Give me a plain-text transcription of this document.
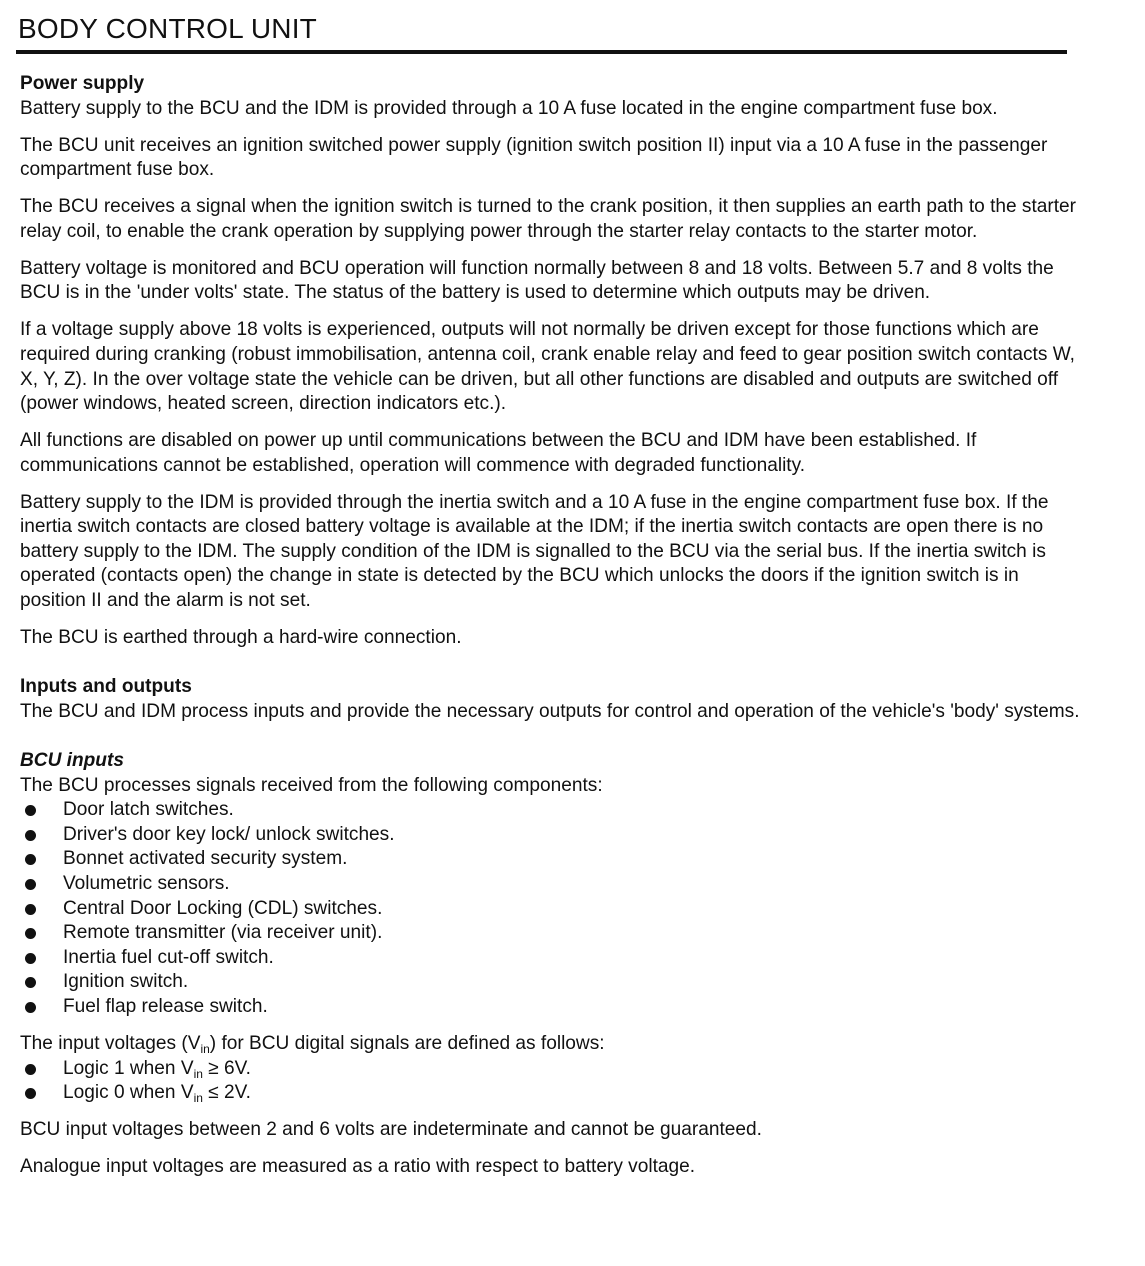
BODY CONTROL UNIT
Power supply

Battery supply to the BCU and the IDM is provided through a 10 A fuse located in the engine compartment fuse box.

The BCU unit receives an ignition switched power supply (ignition switch position II) input via a 10 A fuse in the passenger compartment fuse box.

The BCU receives a signal when the ignition switch is turned to the crank position, it then supplies an earth path to the starter relay coil, to enable the crank operation by supplying power through the starter relay contacts to the starter motor.

Battery voltage is monitored and BCU operation will function normally between 8 and 18 volts. Between 5.7 and 8 volts the BCU is in the 'under volts' state. The status of the battery is used to determine which outputs may be driven.

If a voltage supply above 18 volts is experienced, outputs will not normally be driven except for those functions which are required during cranking (robust immobilisation, antenna coil, crank enable relay and feed to gear position switch contacts W, X, Y, Z). In the over voltage state the vehicle can be driven, but all other functions are disabled and outputs are switched off (power windows, heated screen, direction indicators etc.).

All functions are disabled on power up until communications between the BCU and IDM have been established. If communications cannot be established, operation will commence with degraded functionality.

Battery supply to the IDM is provided through the inertia switch and a 10 A fuse in the engine compartment fuse box. If the inertia switch contacts are closed battery voltage is available at the IDM; if the inertia switch contacts are open there is no battery supply to the IDM. The supply condition of the IDM is signalled to the BCU via the serial bus. If the inertia switch is operated (contacts open) the change in state is detected by the BCU which unlocks the doors if the ignition switch is in position II and the alarm is not set.

The BCU is earthed through a hard-wire connection.

Inputs and outputs

The BCU and IDM process inputs and provide the necessary outputs for control and operation of the vehicle's 'body' systems.

BCU inputs
The BCU processes signals received from the following components:
Door latch switches.
Driver's door key lock/ unlock switches.
Bonnet activated security system.
Volumetric sensors.
Central Door Locking (CDL) switches.
Remote transmitter (via receiver unit).
Inertia fuel cut-off switch.
Ignition switch.
Fuel flap release switch.
The input voltages $(V_{in})$ for BCU digital signals are defined as follows:
Logic 1 when $V_{in} \ge 6V$.
Logic 0 when $V_{in} \le 2V$.

BCU input voltages between 2 and 6 volts are indeterminate and cannot be guaranteed.

Analogue input voltages are measured as a ratio with respect to battery voltage.
